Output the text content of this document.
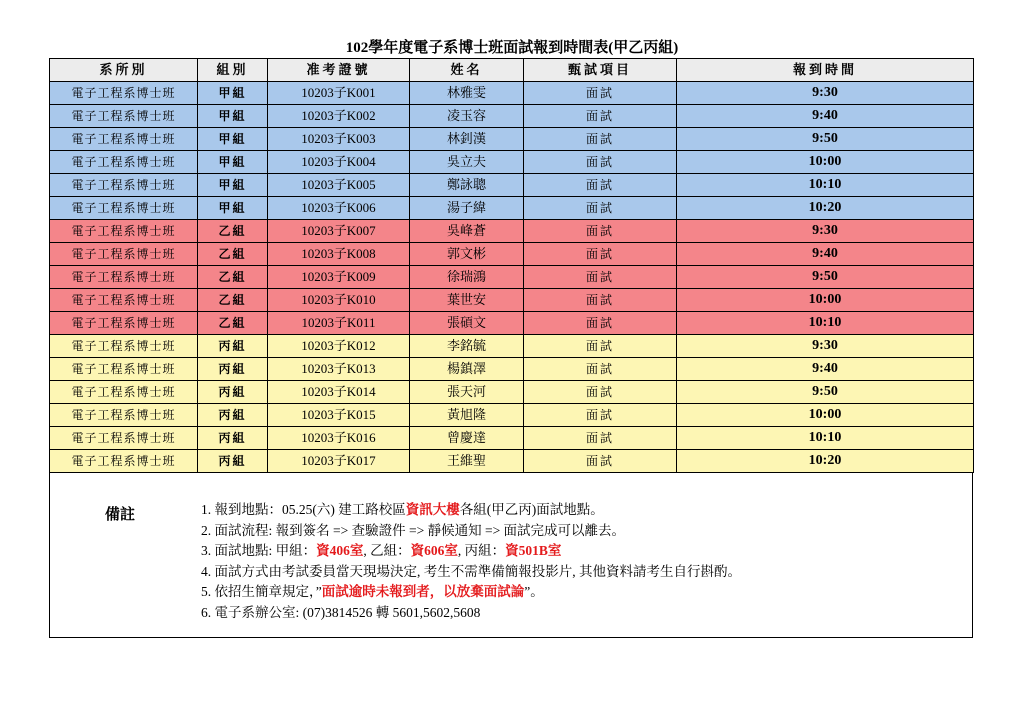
102學年度電子系博士班面試報到時間表(甲乙丙組)
系所別	組別	准考證號	姓名	甄試項目	報到時間
電子工程系博士班	甲組	10203子K001	林雅雯	面試	9:30
電子工程系博士班	甲組	10203子K002	凌玉容	面試	9:40
電子工程系博士班	甲組	10203子K003	林釗漢	面試	9:50
電子工程系博士班	甲組	10203子K004	吳立夫	面試	10:00
電子工程系博士班	甲組	10203子K005	鄭詠聰	面試	10:10
電子工程系博士班	甲組	10203子K006	湯子緯	面試	10:20
電子工程系博士班	乙組	10203子K007	吳峰蒼	面試	9:30
電子工程系博士班	乙組	10203子K008	郭文彬	面試	9:40
電子工程系博士班	乙組	10203子K009	徐瑞鴻	面試	9:50
電子工程系博士班	乙組	10203子K010	葉世安	面試	10:00
電子工程系博士班	乙組	10203子K011	張碩文	面試	10:10
電子工程系博士班	丙組	10203子K012	李銘毓	面試	9:30
電子工程系博士班	丙組	10203子K013	楊鎮澤	面試	9:40
電子工程系博士班	丙組	10203子K014	張天河	面試	9:50
電子工程系博士班	丙組	10203子K015	黃旭隆	面試	10:00
電子工程系博士班	丙組	10203子K016	曾慶達	面試	10:10
電子工程系博士班	丙組	10203子K017	王維聖	面試	10:20
備註	1. 報到地點：05.25(六) 建工路校區資訊大樓各組(甲乙丙)面試地點。
2. 面試流程: 報到簽名 => 查驗證件 => 靜候通知 => 面試完成可以離去。
3. 面試地點: 甲組：資406室, 乙組：資606室, 丙組：資501B室
4. 面試方式由考試委員當天現場決定, 考生不需準備簡報投影片, 其他資料請考生自行斟酌。
5. 依招生簡章規定，”面試逾時未報到者，以放棄面試論”。
6. 電子系辦公室: (07)3814526 轉 5601,5602,5608
